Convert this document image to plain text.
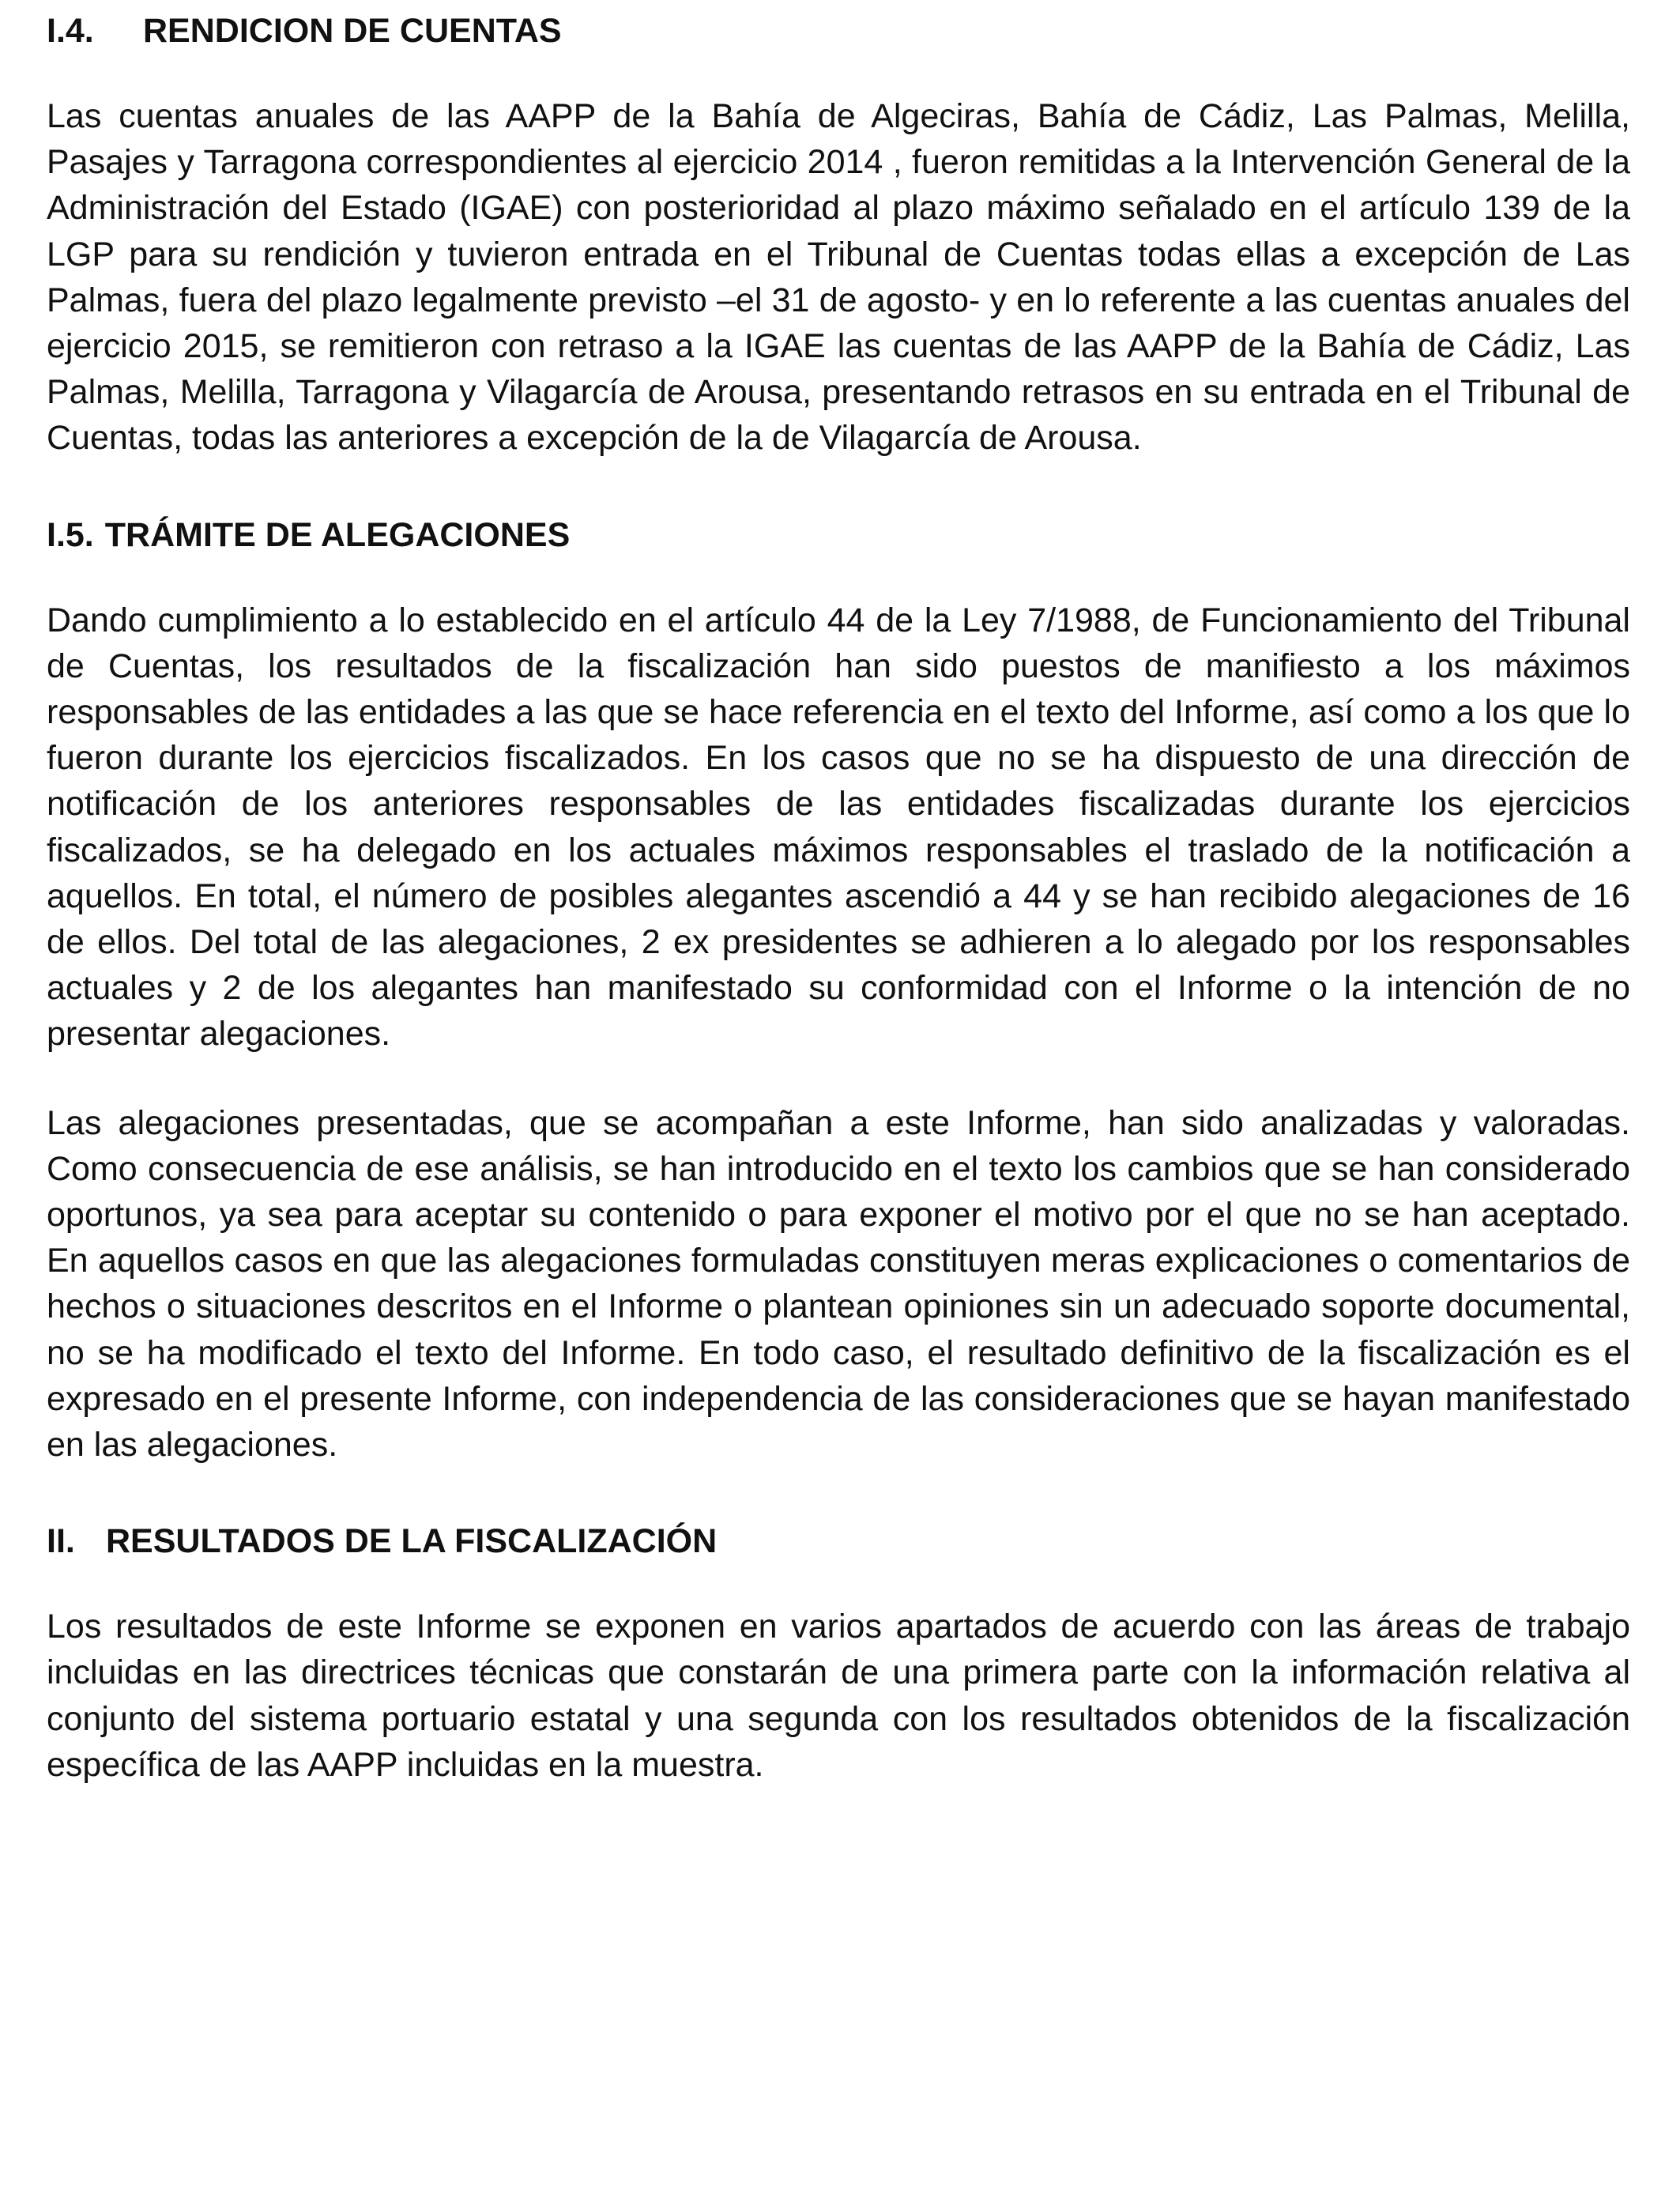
I.4.	RENDICION DE CUENTAS

Las cuentas anuales de las AAPP de la Bahía de Algeciras, Bahía de Cádiz, Las Palmas, Melilla, Pasajes y Tarragona correspondientes al ejercicio 2014 , fueron remitidas a la Intervención General de la Administración del Estado (IGAE) con posterioridad al plazo máximo señalado en el artículo 139 de la LGP para su rendición y tuvieron entrada en el Tribunal de Cuentas todas ellas a excepción de Las Palmas, fuera del plazo legalmente previsto –el 31 de agosto- y en lo referente a las cuentas anuales del ejercicio 2015, se remitieron con retraso a la IGAE las cuentas de las AAPP de la Bahía de Cádiz, Las Palmas, Melilla, Tarragona y Vilagarcía de Arousa, presentando retrasos en su entrada en el Tribunal de Cuentas, todas las anteriores a excepción de la de Vilagarcía de Arousa.

I.5. TRÁMITE DE ALEGACIONES

Dando cumplimiento a lo establecido en el artículo 44 de la Ley 7/1988, de Funcionamiento del Tribunal de Cuentas, los resultados de la fiscalización han sido puestos de manifiesto a los máximos responsables de las entidades a las que se hace referencia en el texto del Informe, así como a los que lo fueron durante los ejercicios fiscalizados. En los casos que no se ha dispuesto de una dirección de notificación de los anteriores responsables de las entidades fiscalizadas durante los ejercicios fiscalizados, se ha delegado en los actuales máximos responsables el traslado de la notificación a aquellos. En total, el número de posibles alegantes ascendió a 44 y se han recibido alegaciones de 16 de ellos. Del total de las alegaciones, 2 ex presidentes se adhieren a lo alegado por los responsables actuales y 2 de los alegantes han manifestado su conformidad con el Informe o la intención de no presentar alegaciones.

Las alegaciones presentadas, que se acompañan a este Informe, han sido analizadas y valoradas. Como consecuencia de ese análisis, se han introducido en el texto los cambios que se han considerado oportunos, ya sea para aceptar su contenido o para exponer el motivo por el que no se han aceptado. En aquellos casos en que las alegaciones formuladas constituyen meras explicaciones o comentarios de hechos o situaciones descritos en el Informe o plantean opiniones sin un adecuado soporte documental, no se ha modificado el texto del Informe. En todo caso, el resultado definitivo de la fiscalización es el expresado en el presente Informe, con independencia de las consideraciones que se hayan manifestado en las alegaciones.

II. RESULTADOS DE LA FISCALIZACIÓN

Los resultados de este Informe se exponen en varios apartados de acuerdo con las áreas de trabajo incluidas en las directrices técnicas que constarán de una primera parte con la información relativa al conjunto del sistema portuario estatal y una segunda con los resultados obtenidos de la fiscalización específica de las AAPP incluidas en la muestra.
